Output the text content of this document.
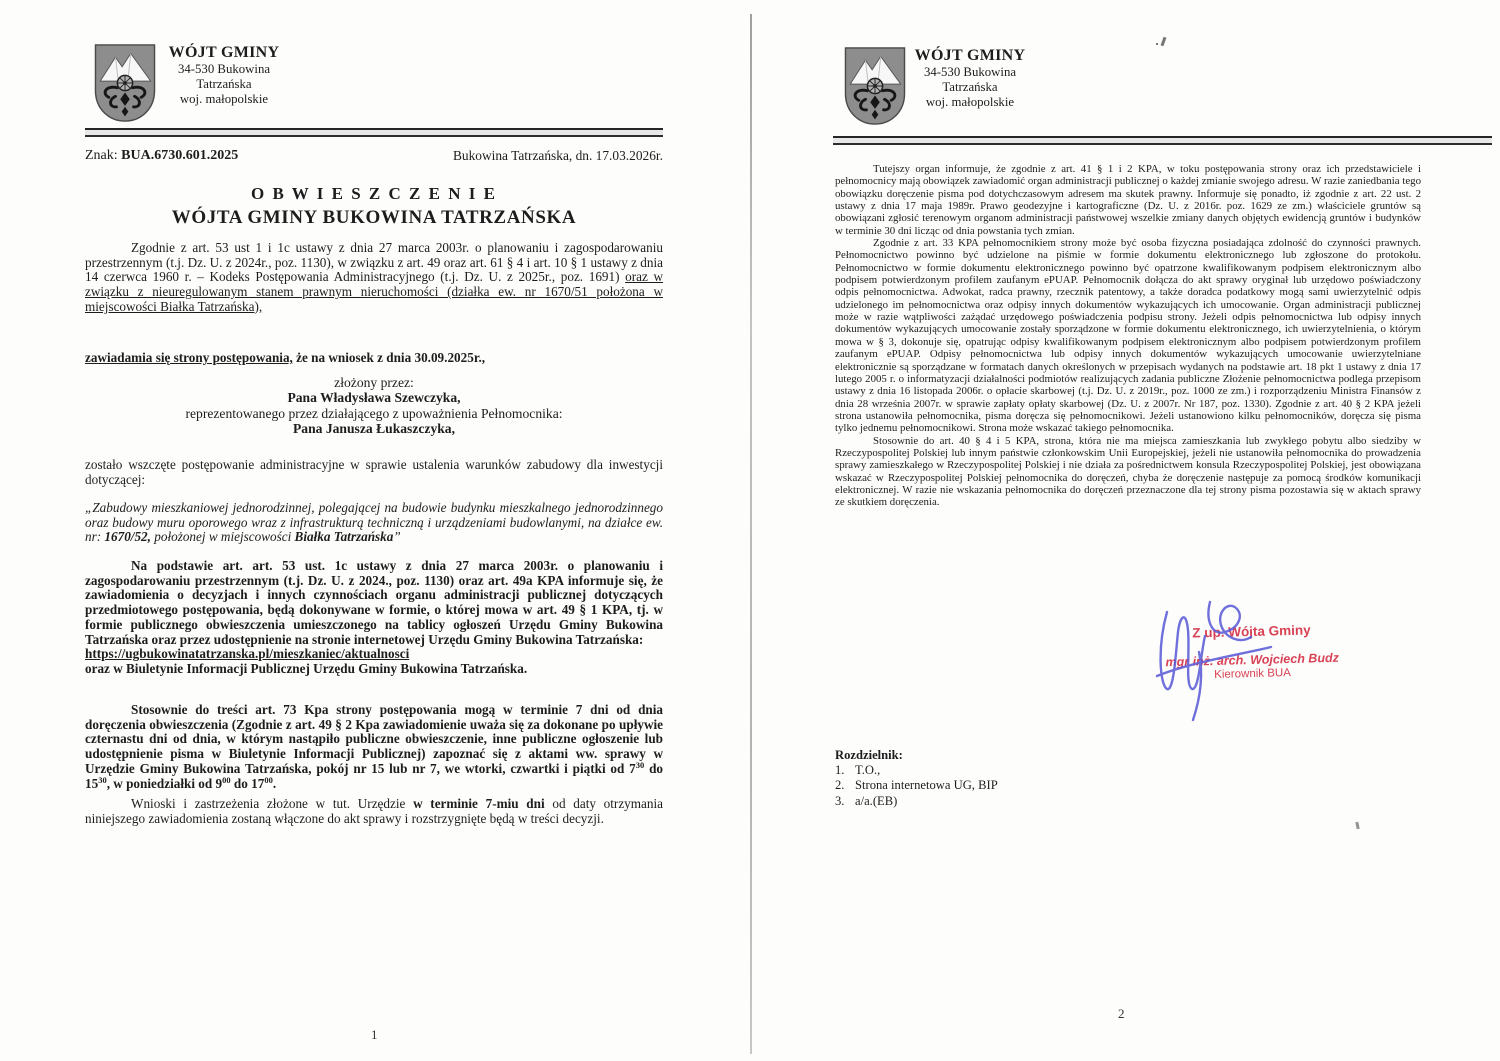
WÓJT GMINY
34-530 Bukowina Tatrzańska
woj. małopolskie
Znak: BUA.6730.601.2025	Bukowina Tatrzańska, dn. 17.03.2026r.
O B W I E S Z C Z E N I E
WÓJTA GMINY BUKOWINA TATRZAŃSKA
Zgodnie z art. 53 ust 1 i 1c ustawy z dnia 27 marca 2003r. o planowaniu i zagospodarowaniu przestrzennym (t.j. Dz. U. z 2024r., poz. 1130), w związku z art. 49 oraz art. 61 § 4 i art. 10 § 1 ustawy z dnia 14 czerwca 1960 r. – Kodeks Postępowania Administracyjnego (t.j. Dz. U. z 2025r., poz. 1691) oraz w związku z nieuregulowanym stanem prawnym nieruchomości (działka ew. nr 1670/51 położona w miejscowości Białka Tatrzańska),
zawiadamia się strony postępowania, że na wniosek z dnia 30.09.2025r.,
złożony przez:
Pana Władysława Szewczyka,
reprezentowanego przez działającego z upoważnienia Pełnomocnika:
Pana Janusza Łukaszczyka,
zostało wszczęte postępowanie administracyjne w sprawie ustalenia warunków zabudowy dla inwestycji dotyczącej:
„Zabudowy mieszkaniowej jednorodzinnej, polegającej na budowie budynku mieszkalnego jednorodzinnego oraz budowy muru oporowego wraz z infrastrukturą techniczną i urządzeniami budowlanymi, na działce ew. nr: 1670/52, położonej w miejscowości Białka Tatrzańska”
Na podstawie art. art. 53 ust. 1c ustawy z dnia 27 marca 2003r. o planowaniu i zagospodarowaniu przestrzennym (t.j. Dz. U. z 2024., poz. 1130) oraz art. 49a KPA informuje się, że zawiadomienia o decyzjach i innych czynnościach organu administracji publicznej dotyczących przedmiotowego postępowania, będą dokonywane w formie, o której mowa w art. 49 § 1 KPA, tj. w formie publicznego obwieszczenia umieszczonego na tablicy ogłoszeń Urzędu Gminy Bukowina Tatrzańska oraz przez udostępnienie na stronie internetowej Urzędu Gminy Bukowina Tatrzańska:
https://ugbukowinatatrzanska.pl/mieszkaniec/aktualnosci
oraz w Biuletynie Informacji Publicznej Urzędu Gminy Bukowina Tatrzańska.
Stosownie do treści art. 73 Kpa strony postępowania mogą w terminie 7 dni od dnia doręczenia obwieszczenia (Zgodnie z art. 49 § 2 Kpa zawiadomienie uważa się za dokonane po upływie czternastu dni od dnia, w którym nastąpiło publiczne obwieszczenie, inne publiczne ogłoszenie lub udostępnienie pisma w Biuletynie Informacji Publicznej) zapoznać się z aktami ww. sprawy w Urzędzie Gminy Bukowina Tatrzańska, pokój nr 15 lub nr 7, we wtorki, czwartki i piątki od $7^{30}$ do $15^{30}$, w poniedziałki od $9^{00}$ do $17^{00}$.
Wnioski i zastrzeżenia złożone w tut. Urzędzie w terminie 7-miu dni od daty otrzymania niniejszego zawiadomienia zostaną włączone do akt sprawy i rozstrzygnięte będą w treści decyzji.
1
WÓJT GMINY
34-530 Bukowina Tatrzańska
woj. małopolskie

Tutejszy organ informuje, że zgodnie z art. 41 § 1 i 2 KPA, w toku postępowania strony oraz ich przedstawiciele i pełnomocnicy mają obowiązek zawiadomić organ administracji publicznej o każdej zmianie swojego adresu. W razie zaniedbania tego obowiązku doręczenie pisma pod dotychczasowym adresem ma skutek prawny. Informuje się ponadto, iż zgodnie z art. 22 ust. 2 ustawy z dnia 17 maja 1989r. Prawo geodezyjne i kartograficzne (Dz. U. z 2016r. poz. 1629 ze zm.) właściciele gruntów są obowiązani zgłosić terenowym organom administracji państwowej wszelkie zmiany danych objętych ewidencją gruntów i budynków w terminie 30 dni licząc od dnia powstania tych zmian.

Zgodnie z art. 33 KPA pełnomocnikiem strony może być osoba fizyczna posiadająca zdolność do czynności prawnych. Pełnomocnictwo powinno być udzielone na piśmie w formie dokumentu elektronicznego lub zgłoszone do protokołu. Pełnomocnictwo w formie dokumentu elektronicznego powinno być opatrzone kwalifikowanym podpisem elektronicznym albo podpisem potwierdzonym profilem zaufanym ePUAP. Pełnomocnik dołącza do akt sprawy oryginał lub urzędowo poświadczony odpis pełnomocnictwa. Adwokat, radca prawny, rzecznik patentowy, a także doradca podatkowy mogą sami uwierzytelnić odpis udzielonego im pełnomocnictwa oraz odpisy innych dokumentów wykazujących ich umocowanie. Organ administracji publicznej może w razie wątpliwości zażądać urzędowego poświadczenia podpisu strony. Jeżeli odpis pełnomocnictwa lub odpisy innych dokumentów wykazujących umocowanie zostały sporządzone w formie dokumentu elektronicznego, ich uwierzytelnienia, o którym mowa w § 3, dokonuje się, opatrując odpisy kwalifikowanym podpisem elektronicznym albo podpisem potwierdzonym profilem zaufanym ePUAP. Odpisy pełnomocnictwa lub odpisy innych dokumentów wykazujących umocowanie uwierzytelniane elektronicznie są sporządzane w formatach danych określonych w przepisach wydanych na podstawie art. 18 pkt 1 ustawy z dnia 17 lutego 2005 r. o informatyzacji działalności podmiotów realizujących zadania publiczne Złożenie pełnomocnictwa podlega przepisom ustawy z dnia 16 listopada 2006r. o opłacie skarbowej (t.j. Dz. U. z 2019r., poz. 1000 ze zm.) i rozporządzeniu Ministra Finansów z dnia 28 września 2007r. w sprawie zapłaty opłaty skarbowej (Dz. U. z 2007r. Nr 187, poz. 1330). Zgodnie z art. 40 § 2 KPA jeżeli strona ustanowiła pełnomocnika, pisma doręcza się pełnomocnikowi. Jeżeli ustanowiono kilku pełnomocników, doręcza się pisma tylko jednemu pełnomocnikowi. Strona może wskazać takiego pełnomocnika.

Stosownie do art. 40 § 4 i 5 KPA, strona, która nie ma miejsca zamieszkania lub zwykłego pobytu albo siedziby w Rzeczypospolitej Polskiej lub innym państwie członkowskim Unii Europejskiej, jeżeli nie ustanowiła pełnomocnika do prowadzenia sprawy zamieszkałego w Rzeczypospolitej Polskiej i nie działa za pośrednictwem konsula Rzeczypospolitej Polskiej, jest obowiązana wskazać w Rzeczypospolitej Polskiej pełnomocnika do doręczeń, chyba że doręczenie następuje za pomocą środków komunikacji elektronicznej. W razie nie wskazania pełnomocnika do doręczeń przeznaczone dla tej strony pisma pozostawia się w aktach sprawy ze skutkiem doręczenia.

Z up. Wójta Gminy
mgr inż. arch. Wojciech Budz
Kierownik BUA
Rozdzielnik:
1. T.O.,
2. Strona internetowa UG, BIP
3. a/a.(EB)
2
